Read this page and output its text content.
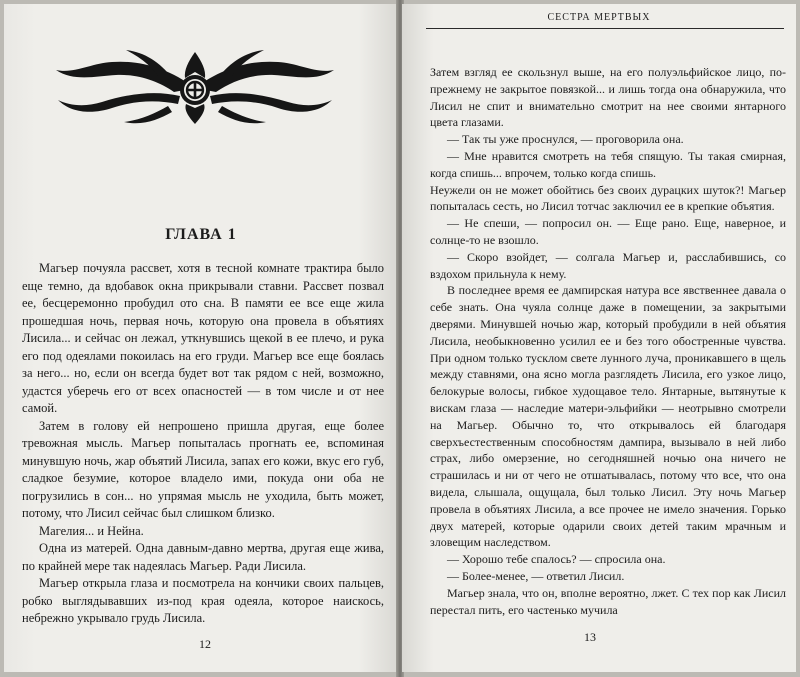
ГЛАВА 1

Магьер почуяла рассвет, хотя в тесной комнате трактира было еще темно, да вдобавок окна прикрывали ставни. Рассвет позвал ее, бесцеремонно пробудил ото сна. В памяти ее все еще жила прошедшая ночь, первая ночь, которую она провела в объятиях Лисила... и сейчас он лежал, уткнувшись щекой в ее плечо, и рука его под одеялами покоилась на его груди. Магьер все еще боялась за него... но, если он всегда будет вот так рядом с ней, возможно, удастся уберечь его от всех опасностей — в том числе и от нее самой.

Затем в голову ей непрошено пришла другая, еще более тревожная мысль. Магьер попыталась прогнать ее, вспоминая минувшую ночь, жар объятий Лисила, запах его кожи, вкус его губ, сладкое безумие, которое владело ими, покуда они оба не погрузились в сон... но упрямая мысль не уходила, быть может, потому, что Лисил сейчас был слишком близко.

Магелия... и Нейна.

Одна из матерей. Одна давным-давно мертва, другая еще жива, по крайней мере так надеялась Магьер. Ради Лисила.

Магьер открыла глаза и посмотрела на кончики своих пальцев, робко выглядывавших из-под края одеяла, которое наискось, небрежно укрывало грудь Лисила.

12
СЕСТРА МЕРТВЫХ

Затем взгляд ее скользнул выше, на его полуэльфийское лицо, по-прежнему не закрытое повязкой... и лишь тогда она обнаружила, что Лисил не спит и внимательно смотрит на нее своими янтарного цвета глазами.

— Так ты уже проснулся, — проговорила она.

— Мне нравится смотреть на тебя спящую. Ты такая смирная, когда спишь... впрочем, только когда спишь.

Неужели он не может обойтись без своих дурацких шуток?! Магьер попыталась сесть, но Лисил тотчас заключил ее в крепкие объятия.

— Не спеши, — попросил он. — Еще рано. Еще, наверное, и солнце-то не взошло.

— Скоро взойдет, — солгала Магьер и, расслабившись, со вздохом прильнула к нему.

В последнее время ее дампирская натура все явственнее давала о себе знать. Она чуяла солнце даже в помещении, за закрытыми дверями. Минувшей ночью жар, который пробудили в ней объятия Лисила, необыкновенно усилил ее и без того обостренные чувства. При одном только тусклом свете лунного луча, проникавшего в щель между ставнями, она ясно могла разглядеть Лисила, его узкое лицо, белокурые волосы, гибкое худощавое тело. Янтарные, вытянутые к вискам глаза — наследие матери-эльфийки — неотрывно смотрели на Магьер. Обычно то, что открывалось ей благодаря сверхъестественным способностям дампира, вызывало в ней либо страх, либо омерзение, но сегодняшней ночью она ничего не страшилась и ни от чего не отшатывалась, потому что все, что она видела, слышала, ощущала, был только Лисил. Эту ночь Магьер провела в объятиях Лисила, а все прочее не имело значения. Горько двух матерей, которые одарили своих детей таким мрачным и зловещим наследством.

— Хорошо тебе спалось? — спросила она.

— Более-менее, — ответил Лисил.

Магьер знала, что он, вполне вероятно, лжет. С тех пор как Лисил перестал пить, его частенько мучила

13
